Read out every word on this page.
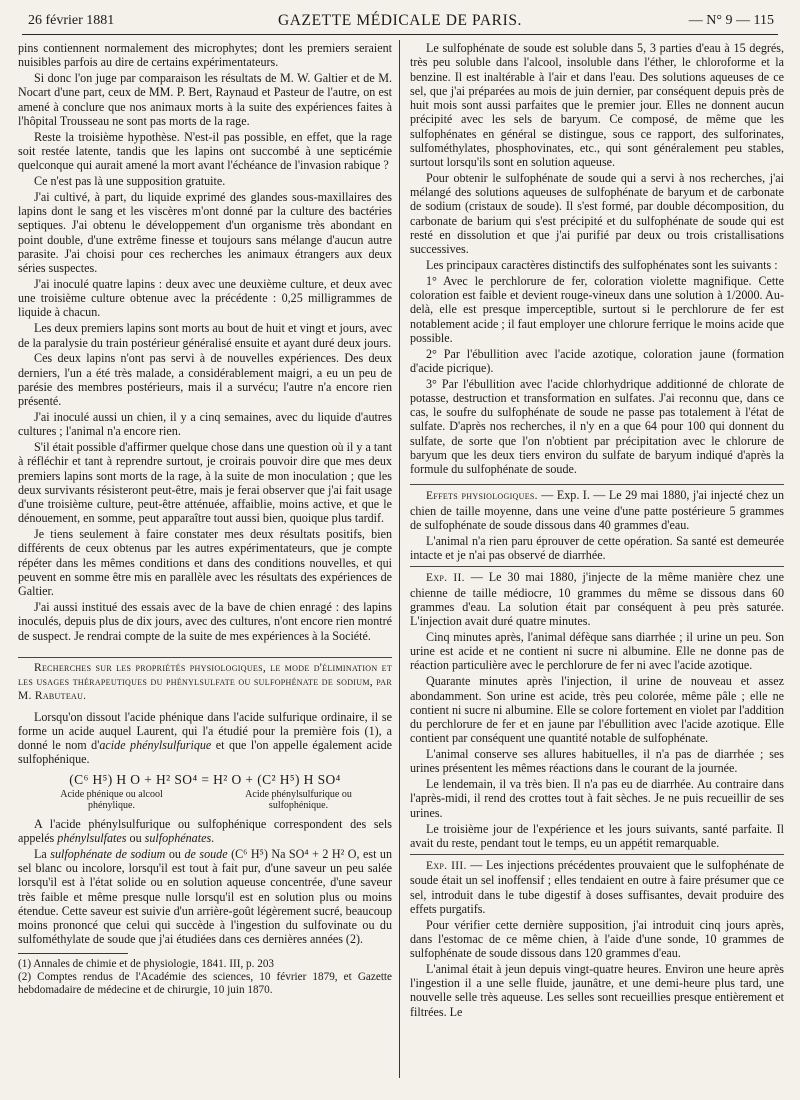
26 février 1881	GAZETTE MÉDICALE DE PARIS.	— N° 9 — 115

pins contiennent normalement des microphytes; dont les premiers seraient nuisibles parfois au dire de certains expérimentateurs.

Si donc l'on juge par comparaison les résultats de M. W. Galtier et de M. Nocart d'une part, ceux de MM. P. Bert, Raynaud et Pasteur de l'autre, on est amené à conclure que nos animaux morts à la suite des expériences faites à l'hôpital Trousseau ne sont pas morts de la rage.

Reste la troisième hypothèse. N'est-il pas possible, en effet, que la rage soit restée latente, tandis que les lapins ont succombé à une septicémie quelconque qui aurait amené la mort avant l'échéance de l'invasion rabique ?

Ce n'est pas là une supposition gratuite.

J'ai cultivé, à part, du liquide exprimé des glandes sous-maxillaires des lapins dont le sang et les viscères m'ont donné par la culture des bactéries septiques. J'ai obtenu le développement d'un organisme très abondant en point double, d'une extrême finesse et toujours sans mélange d'aucun autre parasite. J'ai choisi pour ces recherches les animaux étrangers aux deux séries suspectes.

J'ai inoculé quatre lapins : deux avec une deuxième culture, et deux avec une troisième culture obtenue avec la précédente : 0,25 milligrammes de liquide à chacun.

Les deux premiers lapins sont morts au bout de huit et vingt et jours, avec de la paralysie du train postérieur généralisé ensuite et ayant duré deux jours.

Ces deux lapins n'ont pas servi à de nouvelles expériences. Des deux derniers, l'un a été très malade, a considérablement maigri, a eu un peu de parésie des membres postérieurs, mais il a survécu; l'autre n'a encore rien présenté.

J'ai inoculé aussi un chien, il y a cinq semaines, avec du liquide d'autres cultures ; l'animal n'a encore rien.

S'il était possible d'affirmer quelque chose dans une question où il y a tant à réfléchir et tant à reprendre surtout, je croirais pouvoir dire que mes deux premiers lapins sont morts de la rage, à la suite de mon inoculation ; que les deux survivants résisteront peut-être, mais je ferai observer que j'ai fait usage d'une troisième culture, peut-être atténuée, affaiblie, moins active, et que le dénouement, en somme, peut apparaître tout aussi bien, quoique plus tardif.

Je tiens seulement à faire constater mes deux résultats positifs, bien différents de ceux obtenus par les autres expérimentateurs, que je compte répéter dans les mêmes conditions et dans des conditions nouvelles, et qui peuvent en somme être mis en parallèle avec les résultats des expériences de Galtier.

J'ai aussi institué des essais avec de la bave de chien enragé : des lapins inoculés, depuis plus de dix jours, avec des cultures, n'ont encore rien montré de suspect. Je rendrai compte de la suite de mes expériences à la Société.

Recherches sur les propriétés physiologiques, le mode d'élimination et les usages thérapeutiques du phénylsulfate ou sulfophénate de sodium, par M. Rabuteau.

Lorsqu'on dissout l'acide phénique dans l'acide sulfurique ordinaire, il se forme un acide auquel Laurent, qui l'a étudié pour la première fois (1), a donné le nom d'acide phénylsulfurique et que l'on appelle également acide sulfophénique.

(C⁶ H⁵) H O + H² SO⁴ = H² O + (C² H⁵) H SO⁴
Acide phénique ou alcool phénylique.
Acide phénylsulfurique ou sulfophénique.

A l'acide phénylsulfurique ou sulfophénique correspondent des sels appelés phénylsulfates ou sulfophénates.

La sulfophénate de sodium ou de soude (C⁶ H⁵) Na SO⁴ + 2 H² O, est un sel blanc ou incolore, lorsqu'il est tout à fait pur, d'une saveur un peu salée lorsqu'il est à l'état solide ou en solution aqueuse concentrée, d'une saveur très faible et même presque nulle lorsqu'il est en solution plus ou moins étendue. Cette saveur est suivie d'un arrière-goût légèrement sucré, beaucoup moins prononcé que celui qui succède à l'ingestion du sulfovinate ou du sulfométhylate de soude que j'ai étudiées dans ces dernières années (2).

(1) Annales de chimie et de physiologie, 1841. III, p. 203

(2) Comptes rendus de l'Académie des sciences, 10 février 1879, et Gazette hebdomadaire de médecine et de chirurgie, 10 juin 1870.

Le sulfophénate de soude est soluble dans 5, 3 parties d'eau à 15 degrés, très peu soluble dans l'alcool, insoluble dans l'éther, le chloroforme et la benzine. Il est inaltérable à l'air et dans l'eau. Des solutions aqueuses de ce sel, que j'ai préparées au mois de juin dernier, par conséquent depuis près de huit mois sont aussi parfaites que le premier jour. Elles ne donnent aucun précipité avec les sels de baryum. Ce composé, de même que les sulfophénates en général se distingue, sous ce rapport, des sulforinates, sulfométhylates, phosphovinates, etc., qui sont généralement peu stables, surtout lorsqu'ils sont en solution aqueuse.

Pour obtenir le sulfophénate de soude qui a servi à nos recherches, j'ai mélangé des solutions aqueuses de sulfophénate de baryum et de carbonate de sodium (cristaux de soude). Il s'est formé, par double décomposition, du carbonate de barium qui s'est précipité et du sulfophénate de soude qui est resté en dissolution et que j'ai purifié par deux ou trois cristallisations successives.

Les principaux caractères distinctifs des sulfophénates sont les suivants :

1° Avec le perchlorure de fer, coloration violette magnifique. Cette coloration est faible et devient rouge-vineux dans une solution à 1/2000. Au-delà, elle est presque imperceptible, surtout si le perchlorure de fer est notablement acide ; il faut employer une chlorure ferrique le moins acide que possible.

2° Par l'ébullition avec l'acide azotique, coloration jaune (formation d'acide picrique).

3° Par l'ébullition avec l'acide chlorhydrique additionné de chlorate de potasse, destruction et transformation en sulfates. J'ai reconnu que, dans ce cas, le soufre du sulfophénate de soude ne passe pas totalement à l'état de sulfate. D'après nos recherches, il n'y en a que 64 pour 100 qui donnent du sulfate, de sorte que l'on n'obtient par précipitation avec le chlorure de baryum que les deux tiers environ du sulfate de baryum indiqué d'après la formule du sulfophénate de soude.

Effets physiologiques. — Exp. I. — Le 29 mai 1880, j'ai injecté chez un chien de taille moyenne, dans une veine d'une patte postérieure 5 grammes de sulfophénate de soude dissous dans 40 grammes d'eau.

L'animal n'a rien paru éprouver de cette opération. Sa santé est demeurée intacte et je n'ai pas observé de diarrhée.

Exp. II. — Le 30 mai 1880, j'injecte de la même manière chez une chienne de taille médiocre, 10 grammes du même se dissous dans 60 grammes d'eau. La solution était par conséquent à peu près saturée. L'injection avait duré quatre minutes.

Cinq minutes après, l'animal défèque sans diarrhée ; il urine un peu. Son urine est acide et ne contient ni sucre ni albumine. Elle ne donne pas de réaction particulière avec le perchlorure de fer ni avec l'acide azotique.

Quarante minutes après l'injection, il urine de nouveau et assez abondamment. Son urine est acide, très peu colorée, même pâle ; elle ne contient ni sucre ni albumine. Elle se colore fortement en violet par l'addition du perchlorure de fer et en jaune par l'ébullition avec l'acide azotique. Elle contient par conséquent une quantité notable de sulfophénate.

L'animal conserve ses allures habituelles, il n'a pas de diarrhée ; ses urines présentent les mêmes réactions dans le courant de la journée.

Le lendemain, il va très bien. Il n'a pas eu de diarrhée. Au contraire dans l'après-midi, il rend des crottes tout à fait sèches. Je ne puis recueillir de ses urines.

Le troisième jour de l'expérience et les jours suivants, santé parfaite. Il avait du reste, pendant tout le temps, eu un appétit remarquable.

Exp. III. — Les injections précédentes prouvaient que le sulfophénate de soude était un sel inoffensif ; elles tendaient en outre à faire présumer que ce sel, introduit dans le tube digestif à doses suffisantes, devait produire des effets purgatifs.

Pour vérifier cette dernière supposition, j'ai introduit cinq jours après, dans l'estomac de ce même chien, à l'aide d'une sonde, 10 grammes de sulfophénate de soude dissous dans 120 grammes d'eau.

L'animal était à jeun depuis vingt-quatre heures. Environ une heure après l'ingestion il a une selle fluide, jaunâtre, et une demi-heure plus tard, une nouvelle selle très aqueuse. Les selles sont recueillies presque entièrement et filtrées. Le
